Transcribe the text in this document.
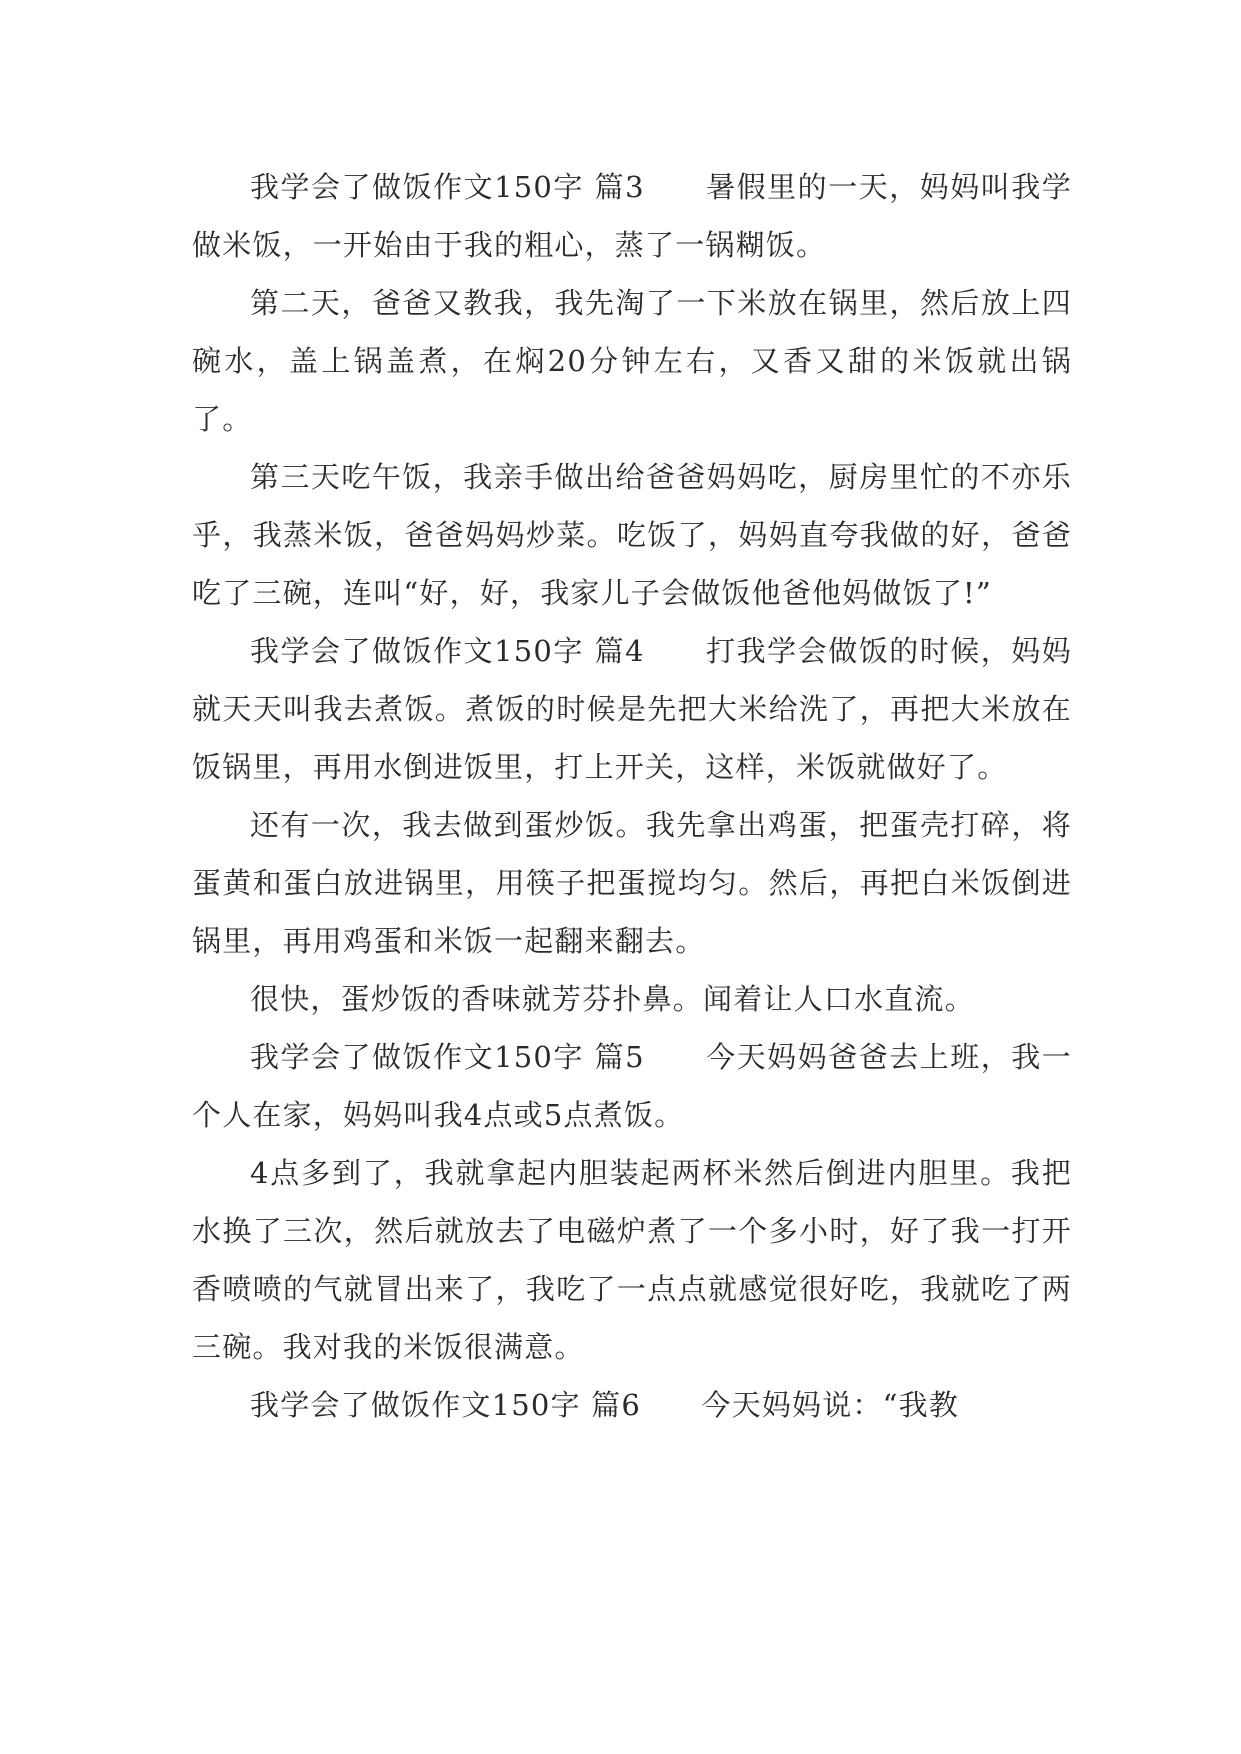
我学会了做饭作文150字 篇3　　暑假里的一天，妈妈叫我学做米饭，一开始由于我的粗心，蒸了一锅糊饭。

第二天，爸爸又教我，我先淘了一下米放在锅里，然后放上四碗水，盖上锅盖煮，在焖20分钟左右，又香又甜的米饭就出锅了。

第三天吃午饭，我亲手做出给爸爸妈妈吃，厨房里忙的不亦乐乎，我蒸米饭，爸爸妈妈炒菜。吃饭了，妈妈直夸我做的好，爸爸吃了三碗，连叫“好，好，我家儿子会做饭他爸他妈做饭了!”

我学会了做饭作文150字 篇4　　打我学会做饭的时候，妈妈就天天叫我去煮饭。煮饭的时候是先把大米给洗了，再把大米放在饭锅里，再用水倒进饭里，打上开关，这样，米饭就做好了。

还有一次，我去做到蛋炒饭。我先拿出鸡蛋，把蛋壳打碎，将蛋黄和蛋白放进锅里，用筷子把蛋搅均匀。然后，再把白米饭倒进锅里，再用鸡蛋和米饭一起翻来翻去。

很快，蛋炒饭的香味就芳芬扑鼻。闻着让人口水直流。

我学会了做饭作文150字 篇5　　今天妈妈爸爸去上班，我一个人在家，妈妈叫我4点或5点煮饭。

4点多到了，我就拿起内胆装起两杯米然后倒进内胆里。我把水换了三次，然后就放去了电磁炉煮了一个多小时，好了我一打开香喷喷的气就冒出来了，我吃了一点点就感觉很好吃，我就吃了两三碗。我对我的米饭很满意。

我学会了做饭作文150字 篇6　　今天妈妈说：“我教
